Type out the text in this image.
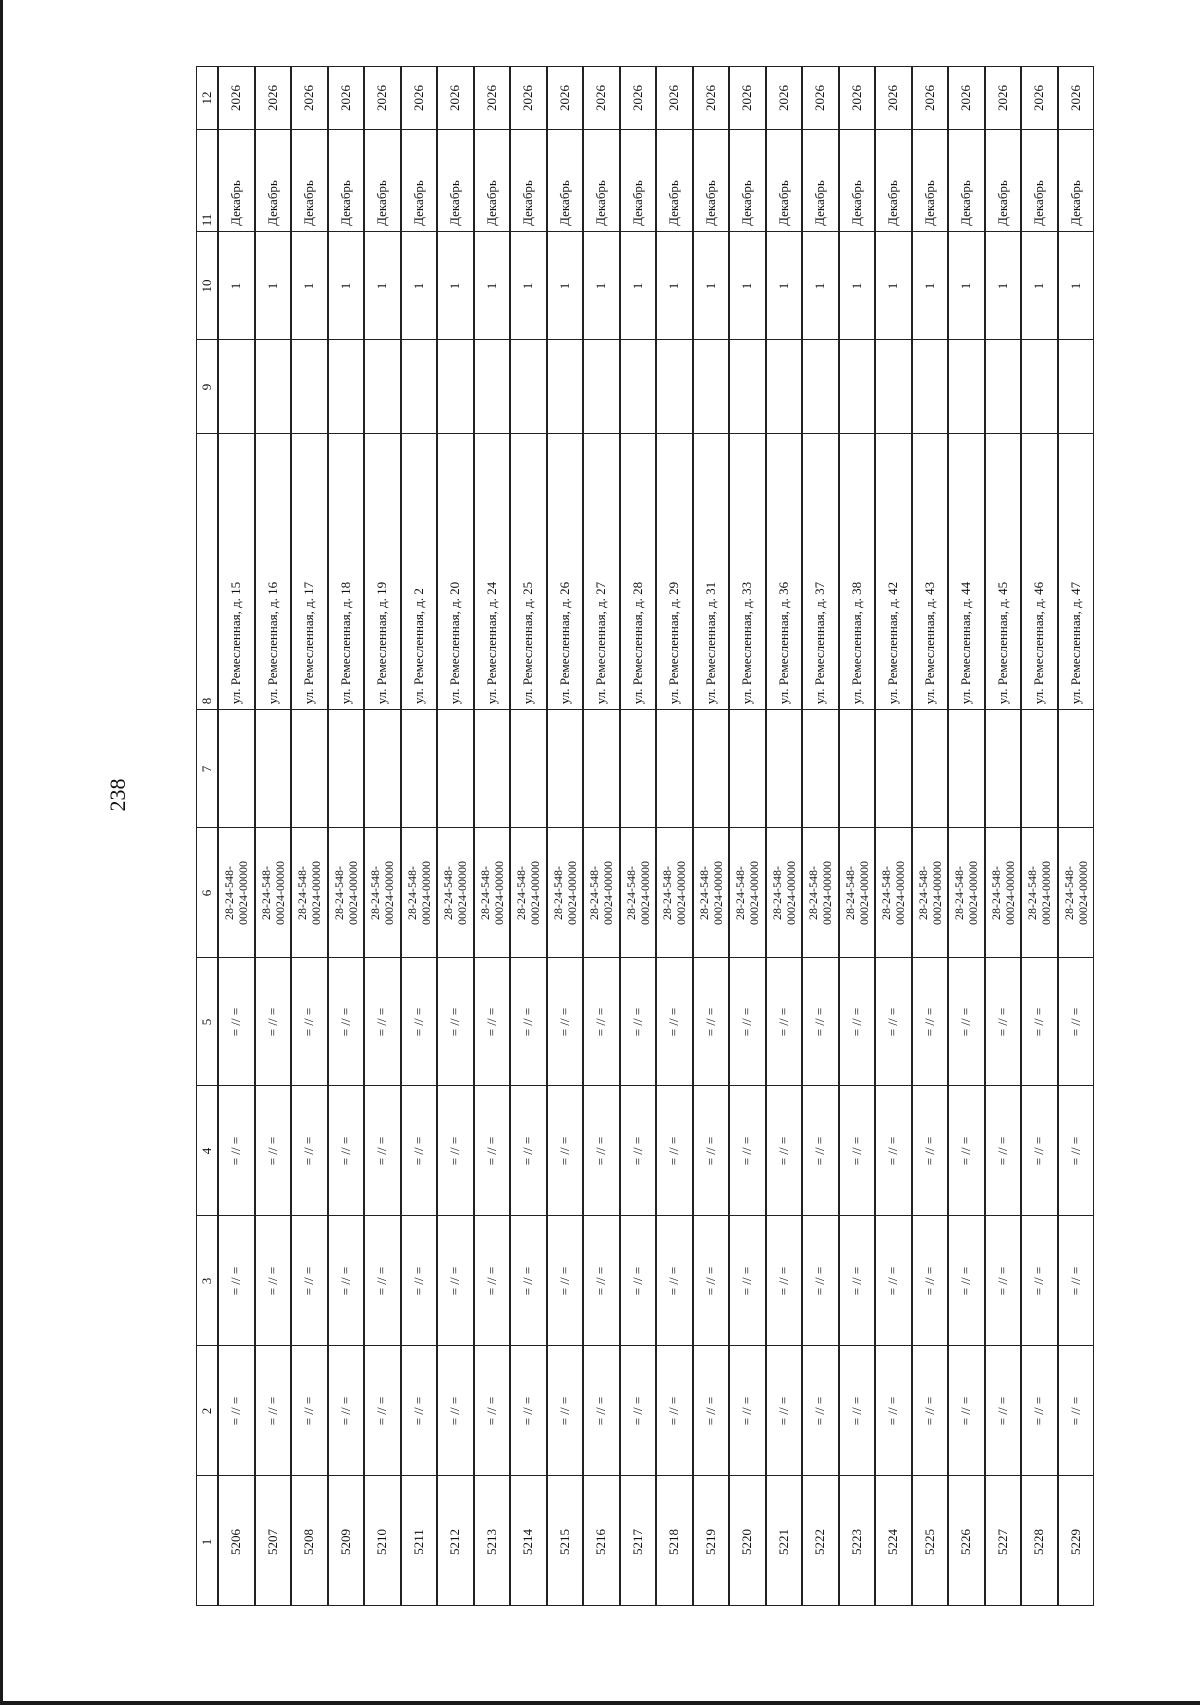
238
12
11
10
9
8
7
6
5
4
3
2
1
2026
Декабрь
1
ул. Ремесленная, д. 15
28-24-548- 00024-00000
= // =
= // =
= // =
= // =
5206
2026
Декабрь
1
ул. Ремесленная, д. 16
28-24-548- 00024-00000
= // =
= // =
= // =
= // =
5207
2026
Декабрь
1
ул. Ремесленная, д. 17
28-24-548- 00024-00000
= // =
= // =
= // =
= // =
5208
2026
Декабрь
1
ул. Ремесленная, д. 18
28-24-548- 00024-00000
= // =
= // =
= // =
= // =
5209
2026
Декабрь
1
ул. Ремесленная, д. 19
28-24-548- 00024-00000
= // =
= // =
= // =
= // =
5210
2026
Декабрь
1
ул. Ремесленная, д. 2
28-24-548- 00024-00000
= // =
= // =
= // =
= // =
5211
2026
Декабрь
1
ул. Ремесленная, д. 20
28-24-548- 00024-00000
= // =
= // =
= // =
= // =
5212
2026
Декабрь
1
ул. Ремесленная, д. 24
28-24-548- 00024-00000
= // =
= // =
= // =
= // =
5213
2026
Декабрь
1
ул. Ремесленная, д. 25
28-24-548- 00024-00000
= // =
= // =
= // =
= // =
5214
2026
Декабрь
1
ул. Ремесленная, д. 26
28-24-548- 00024-00000
= // =
= // =
= // =
= // =
5215
2026
Декабрь
1
ул. Ремесленная, д. 27
28-24-548- 00024-00000
= // =
= // =
= // =
= // =
5216
2026
Декабрь
1
ул. Ремесленная, д. 28
28-24-548- 00024-00000
= // =
= // =
= // =
= // =
5217
2026
Декабрь
1
ул. Ремесленная, д. 29
28-24-548- 00024-00000
= // =
= // =
= // =
= // =
5218
2026
Декабрь
1
ул. Ремесленная, д. 31
28-24-548- 00024-00000
= // =
= // =
= // =
= // =
5219
2026
Декабрь
1
ул. Ремесленная, д. 33
28-24-548- 00024-00000
= // =
= // =
= // =
= // =
5220
2026
Декабрь
1
ул. Ремесленная, д. 36
28-24-548- 00024-00000
= // =
= // =
= // =
= // =
5221
2026
Декабрь
1
ул. Ремесленная, д. 37
28-24-548- 00024-00000
= // =
= // =
= // =
= // =
5222
2026
Декабрь
1
ул. Ремесленная, д. 38
28-24-548- 00024-00000
= // =
= // =
= // =
= // =
5223
2026
Декабрь
1
ул. Ремесленная, д. 42
28-24-548- 00024-00000
= // =
= // =
= // =
= // =
5224
2026
Декабрь
1
ул. Ремесленная, д. 43
28-24-548- 00024-00000
= // =
= // =
= // =
= // =
5225
2026
Декабрь
1
ул. Ремесленная, д. 44
28-24-548- 00024-00000
= // =
= // =
= // =
= // =
5226
2026
Декабрь
1
ул. Ремесленная, д. 45
28-24-548- 00024-00000
= // =
= // =
= // =
= // =
5227
2026
Декабрь
1
ул. Ремесленная, д. 46
28-24-548- 00024-00000
= // =
= // =
= // =
= // =
5228
2026
Декабрь
1
ул. Ремесленная, д. 47
28-24-548- 00024-00000
= // =
= // =
= // =
= // =
5229
